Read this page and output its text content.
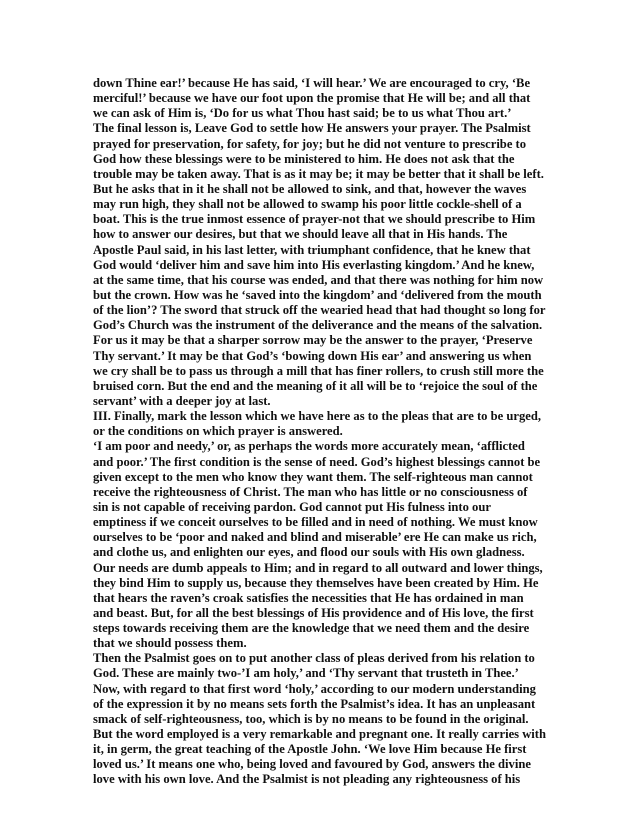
down Thine ear!’ because He has said, ‘I will hear.’ We are encouraged to cry, ‘Be
merciful!’ because we have our foot upon the promise that He will be; and all that
we can ask of Him is, ‘Do for us what Thou hast said; be to us what Thou art.’
The final lesson is, Leave God to settle how He answers your prayer. The Psalmist
prayed for preservation, for safety, for joy; but he did not venture to prescribe to
God how these blessings were to be ministered to him. He does not ask that the
trouble may be taken away. That is as it may be; it may be better that it shall be left.
But he asks that in it he shall not be allowed to sink, and that, however the waves
may run high, they shall not be allowed to swamp his poor little cockle-shell of a
boat. This is the true inmost essence of prayer-not that we should prescribe to Him
how to answer our desires, but that we should leave all that in His hands. The
Apostle Paul said, in his last letter, with triumphant confidence, that he knew that
God would ‘deliver him and save him into His everlasting kingdom.’ And he knew,
at the same time, that his course was ended, and that there was nothing for him now
but the crown. How was he ‘saved into the kingdom’ and ‘delivered from the mouth
of the lion’? The sword that struck off the wearied head that had thought so long for
God’s Church was the instrument of the deliverance and the means of the salvation.
For us it may be that a sharper sorrow may be the answer to the prayer, ‘Preserve
Thy servant.’ It may be that God’s ‘bowing down His ear’ and answering us when
we cry shall be to pass us through a mill that has finer rollers, to crush still more the
bruised corn. But the end and the meaning of it all will be to ‘rejoice the soul of the
servant’ with a deeper joy at last.
III. Finally, mark the lesson which we have here as to the pleas that are to be urged,
or the conditions on which prayer is answered.
‘I am poor and needy,’ or, as perhaps the words more accurately mean, ‘afflicted
and poor.’ The first condition is the sense of need. God’s highest blessings cannot be
given except to the men who know they want them. The self-righteous man cannot
receive the righteousness of Christ. The man who has little or no consciousness of
sin is not capable of receiving pardon. God cannot put His fulness into our
emptiness if we conceit ourselves to be filled and in need of nothing. We must know
ourselves to be ‘poor and naked and blind and miserable’ ere He can make us rich,
and clothe us, and enlighten our eyes, and flood our souls with His own gladness.
Our needs are dumb appeals to Him; and in regard to all outward and lower things,
they bind Him to supply us, because they themselves have been created by Him. He
that hears the raven’s croak satisfies the necessities that He has ordained in man
and beast. But, for all the best blessings of His providence and of His love, the first
steps towards receiving them are the knowledge that we need them and the desire
that we should possess them.
Then the Psalmist goes on to put another class of pleas derived from his relation to
God. These are mainly two-’I am holy,’ and ‘Thy servant that trusteth in Thee.’
Now, with regard to that first word ‘holy,’ according to our modern understanding
of the expression it by no means sets forth the Psalmist’s idea. It has an unpleasant
smack of self-righteousness, too, which is by no means to be found in the original.
But the word employed is a very remarkable and pregnant one. It really carries with
it, in germ, the great teaching of the Apostle John. ‘We love Him because He first
loved us.’ It means one who, being loved and favoured by God, answers the divine
love with his own love. And the Psalmist is not pleading any righteousness of his
